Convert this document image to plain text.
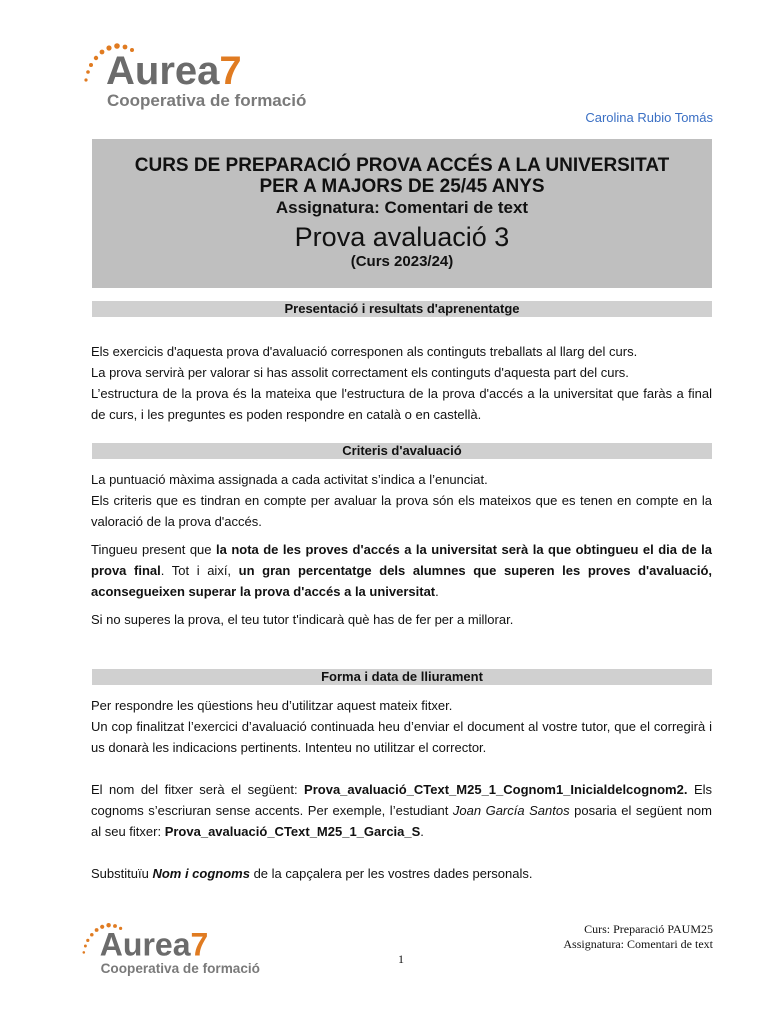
Aurea7
Cooperativa de formació
Carolina Rubio Tomás
CURS DE PREPARACIÓ PROVA ACCÉS A LA UNIVERSITAT
PER A MAJORS DE 25/45 ANYS
Assignatura: Comentari de text
Prova avaluació 3
(Curs 2023/24)
Presentació i resultats d'aprenentatge

Els exercicis d'aquesta prova d'avaluació corresponen als continguts treballats al llarg del curs.

La prova servirà per valorar si has assolit correctament els continguts d'aquesta part del curs.

L’estructura de la prova és la mateixa que l'estructura de la prova d'accés a la universitat que faràs a final de curs, i les preguntes es poden respondre en català o en castellà.

Criteris d'avaluació

La puntuació màxima assignada a cada activitat s’indica a l’enunciat.

Els criteris que es tindran en compte per avaluar la prova són els mateixos que es tenen en compte en la valoració de la prova d'accés.

Tingueu present que la nota de les proves d'accés a la universitat serà la que obtingueu el dia de la prova final. Tot i així, un gran percentatge dels alumnes que superen les proves d'avaluació, aconsegueixen superar la prova d'accés a la universitat.

Si no superes la prova, el teu tutor t'indicarà què has de fer per a millorar.

Forma i data de lliurament

Per respondre les qüestions heu d’utilitzar aquest mateix fitxer.

Un cop finalitzat l’exercici d’avaluació continuada heu d’enviar el document al vostre tutor, que el corregirà i us donarà les indicacions pertinents. Intenteu no utilitzar el corrector.

El nom del fitxer serà el següent: Prova_avaluació_CText_M25_1_Cognom1_Inicialdelcognom2. Els cognoms s’escriuran sense accents. Per exemple, l’estudiant Joan García Santos posaria el següent nom al seu fitxer: Prova_avaluació_CText_M25_1_Garcia_S.

Substituïu Nom i cognoms de la capçalera per les vostres dades personals.

Aurea7
Cooperativa de formació
Curs: Preparació PAUM25
Assignatura: Comentari de text
1
